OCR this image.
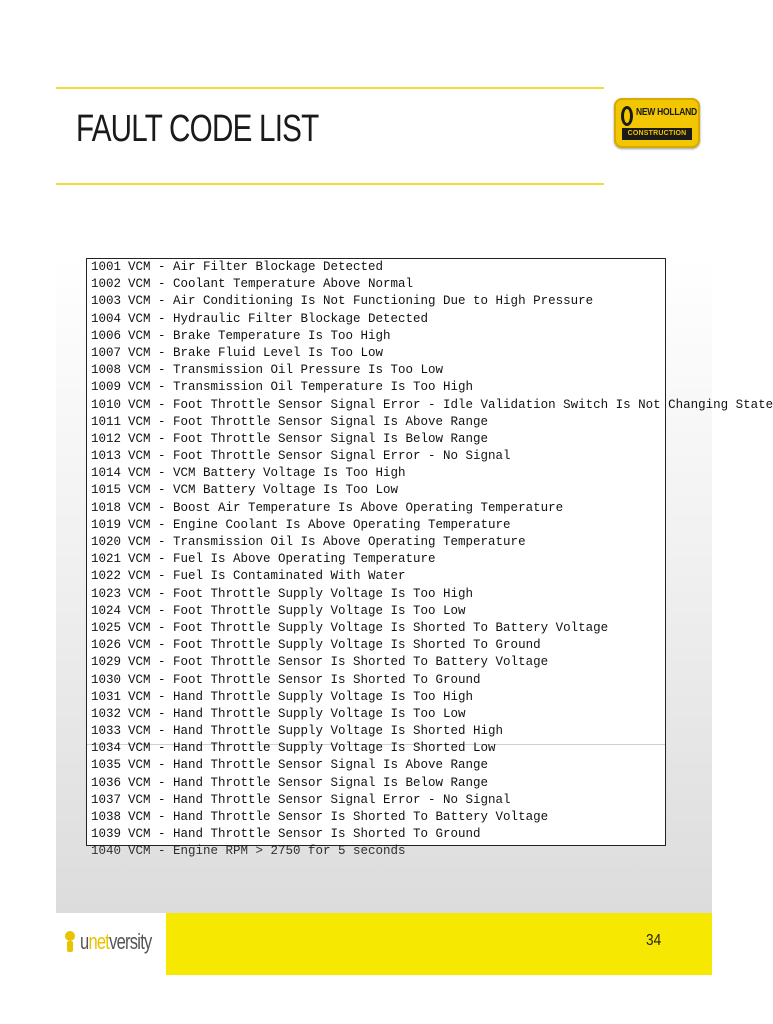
FAULT CODE LIST	NEW HOLLAND
CONSTRUCTION
1001 VCM - Air Filter Blockage Detected
1002 VCM - Coolant Temperature Above Normal
1003 VCM - Air Conditioning Is Not Functioning Due to High Pressure
1004 VCM - Hydraulic Filter Blockage Detected
1006 VCM - Brake Temperature Is Too High
1007 VCM - Brake Fluid Level Is Too Low
1008 VCM - Transmission Oil Pressure Is Too Low
1009 VCM - Transmission Oil Temperature Is Too High
1010 VCM - Foot Throttle Sensor Signal Error - Idle Validation Switch Is Not Changing State
1011 VCM - Foot Throttle Sensor Signal Is Above Range
1012 VCM - Foot Throttle Sensor Signal Is Below Range
1013 VCM - Foot Throttle Sensor Signal Error - No Signal
1014 VCM - VCM Battery Voltage Is Too High
1015 VCM - VCM Battery Voltage Is Too Low
1018 VCM - Boost Air Temperature Is Above Operating Temperature
1019 VCM - Engine Coolant Is Above Operating Temperature
1020 VCM - Transmission Oil Is Above Operating Temperature
1021 VCM - Fuel Is Above Operating Temperature
1022 VCM - Fuel Is Contaminated With Water
1023 VCM - Foot Throttle Supply Voltage Is Too High
1024 VCM - Foot Throttle Supply Voltage Is Too Low
1025 VCM - Foot Throttle Supply Voltage Is Shorted To Battery Voltage
1026 VCM - Foot Throttle Supply Voltage Is Shorted To Ground
1029 VCM - Foot Throttle Sensor Is Shorted To Battery Voltage
1030 VCM - Foot Throttle Sensor Is Shorted To Ground
1031 VCM - Hand Throttle Supply Voltage Is Too High
1032 VCM - Hand Throttle Supply Voltage Is Too Low
1033 VCM - Hand Throttle Supply Voltage Is Shorted High
1034 VCM - Hand Throttle Supply Voltage Is Shorted Low
1035 VCM - Hand Throttle Sensor Signal Is Above Range
1036 VCM - Hand Throttle Sensor Signal Is Below Range
1037 VCM - Hand Throttle Sensor Signal Error - No Signal
1038 VCM - Hand Throttle Sensor Is Shorted To Battery Voltage
1039 VCM - Hand Throttle Sensor Is Shorted To Ground
1040 VCM - Engine RPM > 2750 for 5 seconds
unetversity	34
